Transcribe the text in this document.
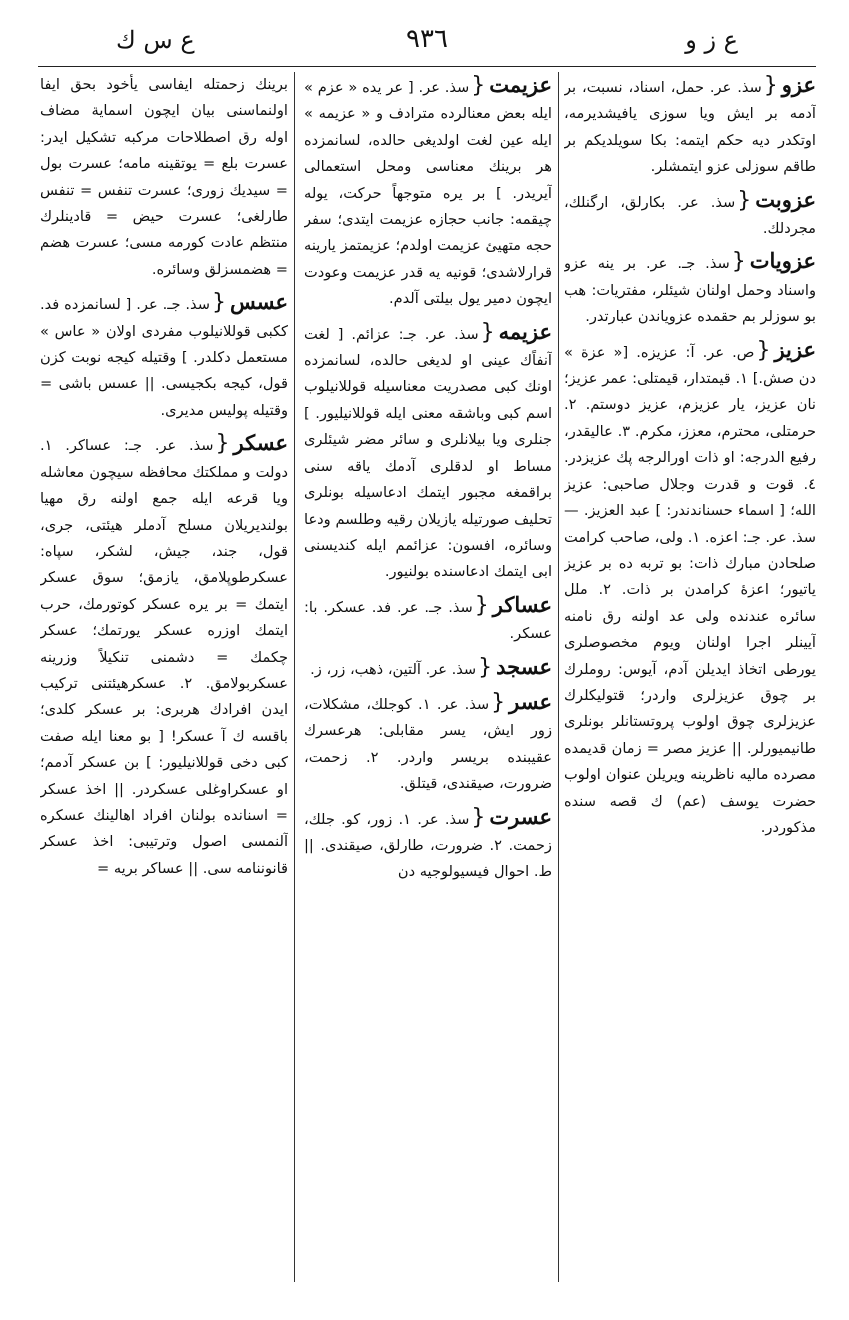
ع س ك	٩٣٦	ع ز و
عزو{سذ. عر. حمل، اسناد، نسبت، بر آدمه بر ایش ويا سوزی يافیشديرمه، اوتكدر ديه حكم ايتمه: بكا سويلديكم بر طاقم سوزلی عزو ايتمشلر.
عزوبت{سذ. عر. بكارلق، ارگنلك، مجردلك.
عزويات{سذ. جـ. عر. بر ينه عزو واسناد وحمل اولنان شيئلر، مفتريات: هب بو سوزلر بم حقمده عزوياندن عبارتدر.
عزيز{ص. عر. آ: عزيزه. [« عزة » دن صش.] ١. قيمتدار، قيمتلی: عمر عزيز؛ نان عزيز، يار عزيزم، عزيز دوستم. ٢. حرمتلی، محترم، معزز، مكرم. ٣. عاليقدر، رفيع الدرجه: او ذات اورالرجه پك عزيزدر. ٤. قوت و قدرت وجلال صاحبی: عزيز الله؛ [ اسماء حسناندندر: ] عبد العزيز. — سذ. عر. جـ: اعزه. ١. ولی، صاحب كرامت صلحادن مبارك ذات: بو تربه ده بر عزيز ياتيور؛ اعزۀ كرامدن بر ذات. ٢. ملل سائره عندنده ولی عد اولنه رق نامنه آيينلر اجرا اولنان ويوم مخصوصلری يورطی اتخاذ ايديلن آدم، آيوس: روملرك بر چوق عزيزلری واردر؛ قتوليكلرك عزيزلری چوق اولوب پروتستانلر بونلری طانيميورلر. || عزيز مصر = زمان قديمده مصرده ماليه ناظرينه ويريلن عنوان اولوب حضرت يوسف (عم) ك قصه سنده مذكوردر.
عزيمت{سذ. عر. [ عر يده « عزم » ايله بعض معنالرده مترادف و « عزيمه » ايله عين لغت اولديغی حالده، لسانمزده هر برينك معناسی ومحل استعمالی آيريدر. ] بر يره متوجهاً حركت، يوله چيقمه: جانب حجازه عزيمت ايتدی؛ سفر حجه متهيئ عزيمت اولدم؛ عزيمتمز يارينه قرارلاشدی؛ قونيه يه قدر عزيمت وعودت ايچون دمير يول بيلتی آلدم.
عزيمه{سذ. عر. جـ: عزائم. [ لغت آنفاًك عينی او لديغی حالده، لسانمزده اونك كبی مصدريت معناسيله قوللانيلوب اسم كبی وباشقه معنی ايله قوللانيليور. ] جنلری ويا بيلانلری و سائر مضر شيئلری مساط او لدقلری آدمك ياقه سنی براقمغه مجبور ايتمك ادعاسيله بونلری تحليف صورتيله يازيلان رقيه وطلسم ودعا وسائره، افسون: عزائمم ايله كنديسنی ابی ايتمك ادعاسنده بولنيور.
عساكر{سذ. جـ. عر. فد. عسكر. با: عسكر.
عسجد{سذ. عر. آلتين، ذهب، زر، ز.
عسر{سذ. عر. ١. كوجلك، مشكلات، زور ايش، يسر مقابلی: هرعسرك عقيبنده بريسر واردر. ٢. زحمت، ضرورت، صيقندی، قيتلق.
عسرت{سذ. عر. ١. زور، كو. جلك، زحمت. ٢. ضرورت، طارلق، صيقندی. || ط. احوال فيسيولوجيه دن
برينك زحمتله ايفاسی يأخود بحق ايفا اولنماسنی بيان ايچون اسماية مضاف اوله رق اصطلاحات مركبه تشكيل ايدر: عسرت بلع = يوتقينه مامه؛ عسرت بول = سيديك زوری؛ عسرت تنفس = تنفس طارلغی؛ عسرت حيض = قادينلرك منتظم عادت كورمه مسی؛ عسرت هضم = هضمسزلق وسائره.
عسس{سذ. جـ. عر. [ لسانمزده فد. ككبی قوللانيلوب مفردی اولان « عاس » مستعمل دكلدر. ] وقتيله كيجه نوبت كزن قول، كيجه بكجيسی. || عسس باشی = وقتيله پوليس مديری.
عسكر{سذ. عر. جـ: عساكر. ١. دولت و مملكتك محافظه سيچون معاشله ويا قرعه ايله جمع اولنه رق مهيا بولنديريلان مسلح آدملر هيئتی، جری، قول، جند، جيش، لشكر، سپاه: عسكرطوپلامق، يازمق؛ سوق عسكر ايتمك = بر يره عسكر كوتورمك، حرب ايتمك اوزره عسكر يورتمك؛ عسكر چكمك = دشمنی تنكيلاً وزرينه عسكربولامق. ٢. عسكرهيئتنی تركيب ايدن افرادك هربری: بر عسكر كلدی؛ باقسه ك آ عسكر! [ بو معنا ايله صفت كبی دخی قوللانيليور: ] بن عسكر آدمم؛ او عسكراوغلی عسكردر. || اخذ عسكر = اسنانده بولنان افراد اهالينك عسكره آلنمسی اصول وترتيبی: اخذ عسكر قانوننامه سی. || عساكر بريه =
